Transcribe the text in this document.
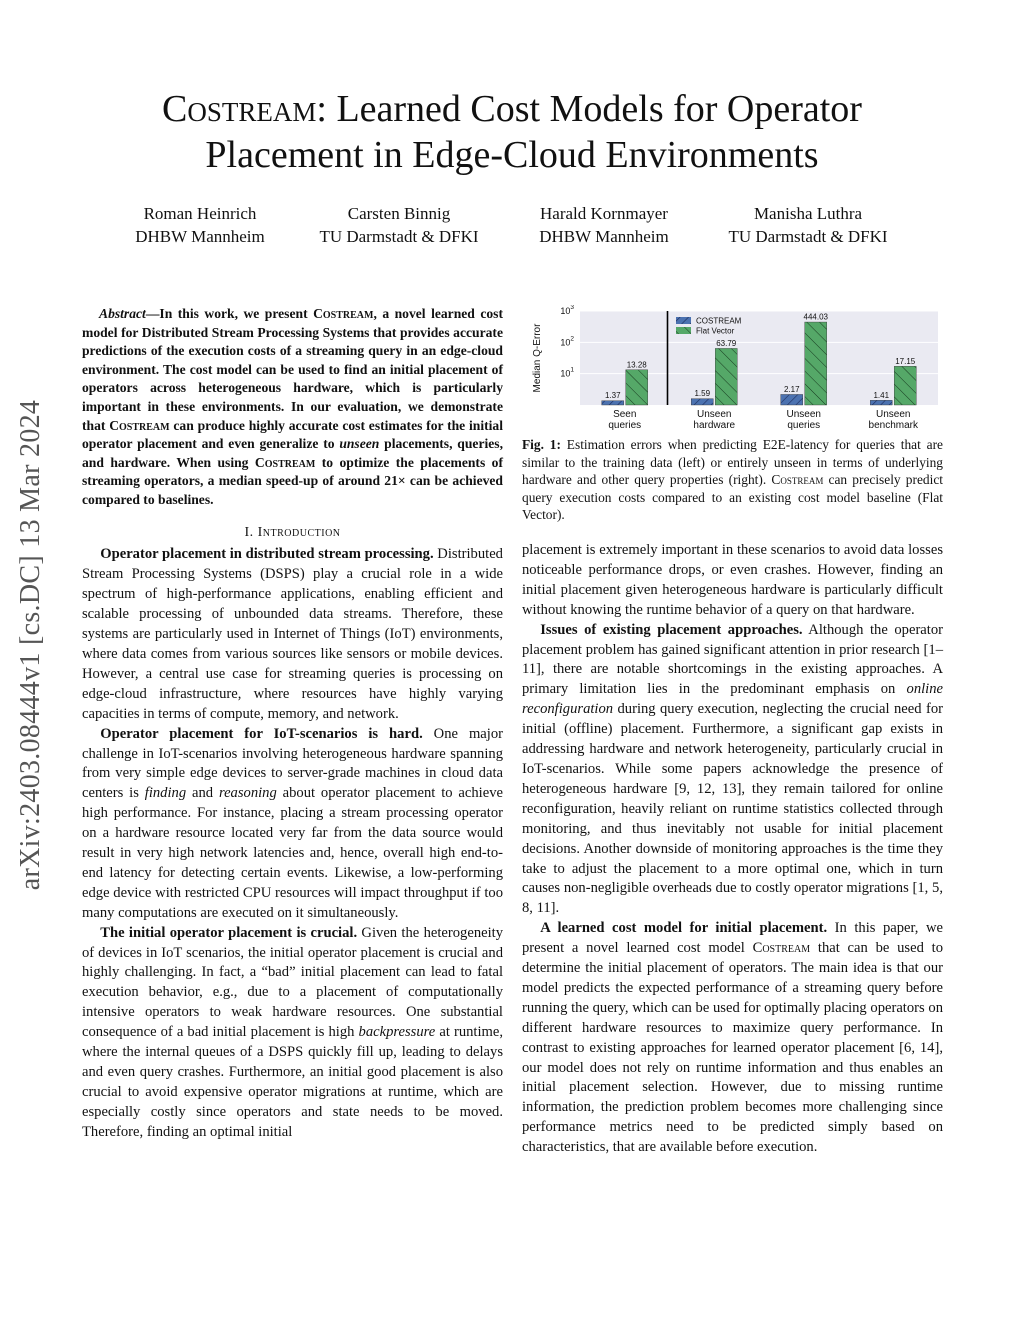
arXiv:2403.08444v1 [cs.DC] 13 Mar 2024
Costream: Learned Cost Models for Operator
Placement in Edge-Cloud Environments
Roman Heinrich
DHBW Mannheim
Carsten Binnig
TU Darmstadt & DFKI
Harald Kornmayer
DHBW Mannheim
Manisha Luthra
TU Darmstadt & DFKI

Abstract—In this work, we present Costream, a novel learned cost model for Distributed Stream Processing Systems that provides accurate predictions of the execution costs of a streaming query in an edge-cloud environment. The cost model can be used to find an initial placement of operators across heterogeneous hardware, which is particularly important in these environments. In our evaluation, we demonstrate that Costream can produce highly accurate cost estimates for the initial operator placement and even generalize to unseen placements, queries, and hardware. When using Costream to optimize the placements of streaming operators, a median speed-up of around 21× can be achieved compared to baselines.

I. Introduction

Operator placement in distributed stream processing. Distributed Stream Processing Systems (DSPS) play a crucial role in a wide spectrum of high-performance applications, enabling efficient and scalable processing of unbounded data streams. Therefore, these systems are particularly used in Internet of Things (IoT) environments, where data comes from various sources like sensors or mobile devices. However, a central use case for streaming queries is processing on edge-cloud infrastructure, where resources have highly varying capacities in terms of compute, memory, and network.

Operator placement for IoT-scenarios is hard. One major challenge in IoT-scenarios involving heterogeneous hardware spanning from very simple edge devices to server-grade machines in cloud data centers is finding and reasoning about operator placement to achieve high performance. For instance, placing a stream processing operator on a hardware resource located very far from the data source would result in very high network latencies and, hence, overall high end-to-end latency for detecting certain events. Likewise, a low-performing edge device with restricted CPU resources will impact throughput if too many computations are executed on it simultaneously.

The initial operator placement is crucial. Given the heterogeneity of devices in IoT scenarios, the initial operator placement is crucial and highly challenging. In fact, a “bad” initial placement can lead to fatal execution behavior, e.g., due to a placement of computationally intensive operators to weak hardware resources. One substantial consequence of a bad initial placement is high backpressure at runtime, where the internal queues of a DSPS quickly fill up, leading to delays and even query crashes. Furthermore, an initial good placement is also crucial to avoid expensive operator migrations at runtime, which are especially costly since operators and state needs to be moved. Therefore, finding an optimal initial

1.37
13.28
1.59
63.79
2.17
444.03
1.41
17.15
$10^1$
$10^2$
$10^3$
Seen
queries
Unseen
hardware
Unseen
queries
Unseen
benchmark
Median Q-Error
COSTREAM
Flat Vector
Fig. 1: Estimation errors when predicting E2E-latency for queries that are similar to the training data (left) or entirely unseen in terms of underlying hardware and other query properties (right). Costream can precisely predict query execution costs compared to an existing cost model baseline (Flat Vector).

placement is extremely important in these scenarios to avoid data losses noticeable performance drops, or even crashes. However, finding an initial placement given heterogeneous hardware is particularly difficult without knowing the runtime behavior of a query on that hardware.

Issues of existing placement approaches. Although the operator placement problem has gained significant attention in prior research [1–11], there are notable shortcomings in the existing approaches. A primary limitation lies in the predominant emphasis on online reconfiguration during query execution, neglecting the crucial need for initial (offline) placement. Furthermore, a significant gap exists in addressing hardware and network heterogeneity, particularly crucial in IoT-scenarios. While some papers acknowledge the presence of heterogeneous hardware [9, 12, 13], they remain tailored for online reconfiguration, heavily reliant on runtime statistics collected through monitoring, and thus inevitably not usable for initial placement decisions. Another downside of monitoring approaches is the time they take to adjust the placement to a more optimal one, which in turn causes non-negligible overheads due to costly operator migrations [1, 5, 8, 11].

A learned cost model for initial placement. In this paper, we present a novel learned cost model Costream that can be used to determine the initial placement of operators. The main idea is that our model predicts the expected performance of a streaming query before running the query, which can be used for optimally placing operators on different hardware resources to maximize query performance. In contrast to existing approaches for learned operator placement [6, 14], our model does not rely on runtime information and thus enables an initial placement selection. However, due to missing runtime information, the prediction problem becomes more challenging since performance metrics need to be predicted simply based on characteristics, that are available before execution.
